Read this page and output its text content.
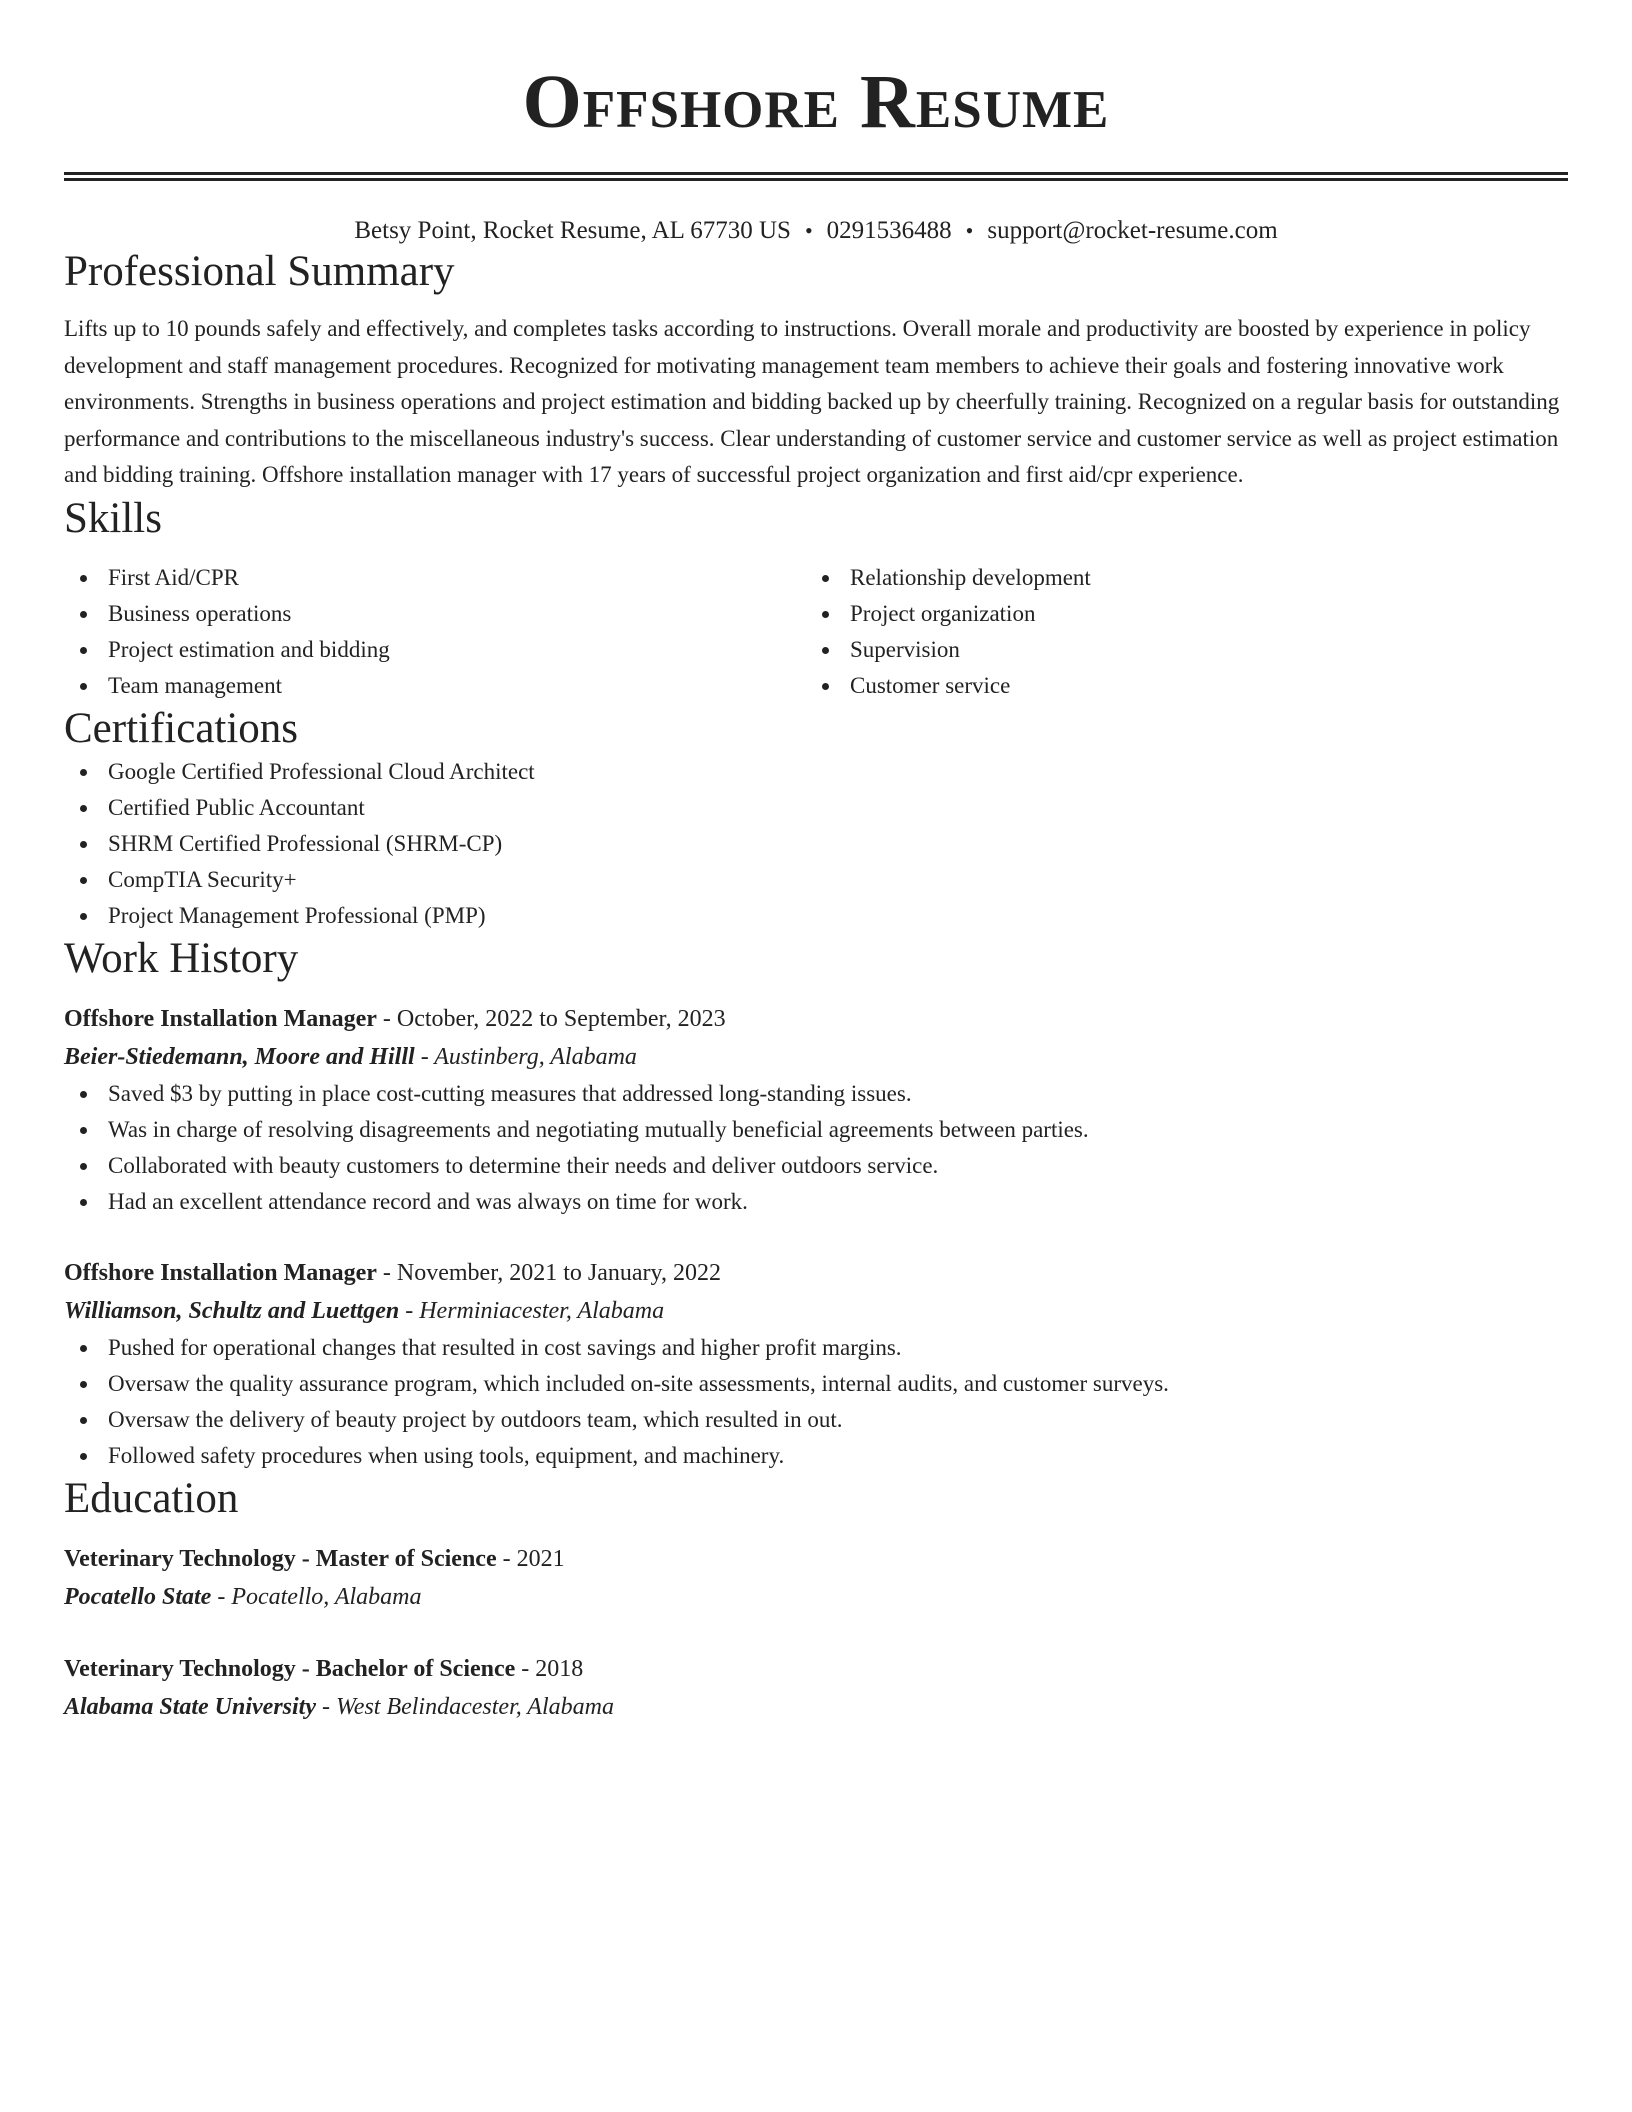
Offshore Resume
Betsy Point, Rocket Resume, AL 67730 US • 0291536488 • support@rocket-resume.com
Professional Summary

Lifts up to 10 pounds safely and effectively, and completes tasks according to instructions. Overall morale and productivity are boosted by experience in policy development and staff management procedures. Recognized for motivating management team members to achieve their goals and fostering innovative work environments. Strengths in business operations and project estimation and bidding backed up by cheerfully training. Recognized on a regular basis for outstanding performance and contributions to the miscellaneous industry's success. Clear understanding of customer service and customer service as well as project estimation and bidding training. Offshore installation manager with 17 years of successful project organization and first aid/cpr experience.

Skills
First Aid/CPR
Business operations
Project estimation and bidding
Team management
Relationship development
Project organization
Supervision
Customer service
Certifications
Google Certified Professional Cloud Architect
Certified Public Accountant
SHRM Certified Professional (SHRM-CP)
CompTIA Security+
Project Management Professional (PMP)
Work History
Offshore Installation Manager - October, 2022 to September, 2023
Beier-Stiedemann, Moore and Hilll - Austinberg, Alabama
Saved $3 by putting in place cost-cutting measures that addressed long-standing issues.
Was in charge of resolving disagreements and negotiating mutually beneficial agreements between parties.
Collaborated with beauty customers to determine their needs and deliver outdoors service.
Had an excellent attendance record and was always on time for work.
Offshore Installation Manager - November, 2021 to January, 2022
Williamson, Schultz and Luettgen - Herminiacester, Alabama
Pushed for operational changes that resulted in cost savings and higher profit margins.
Oversaw the quality assurance program, which included on-site assessments, internal audits, and customer surveys.
Oversaw the delivery of beauty project by outdoors team, which resulted in out.
Followed safety procedures when using tools, equipment, and machinery.
Education
Veterinary Technology - Master of Science - 2021
Pocatello State - Pocatello, Alabama
Veterinary Technology - Bachelor of Science - 2018
Alabama State University - West Belindacester, Alabama
